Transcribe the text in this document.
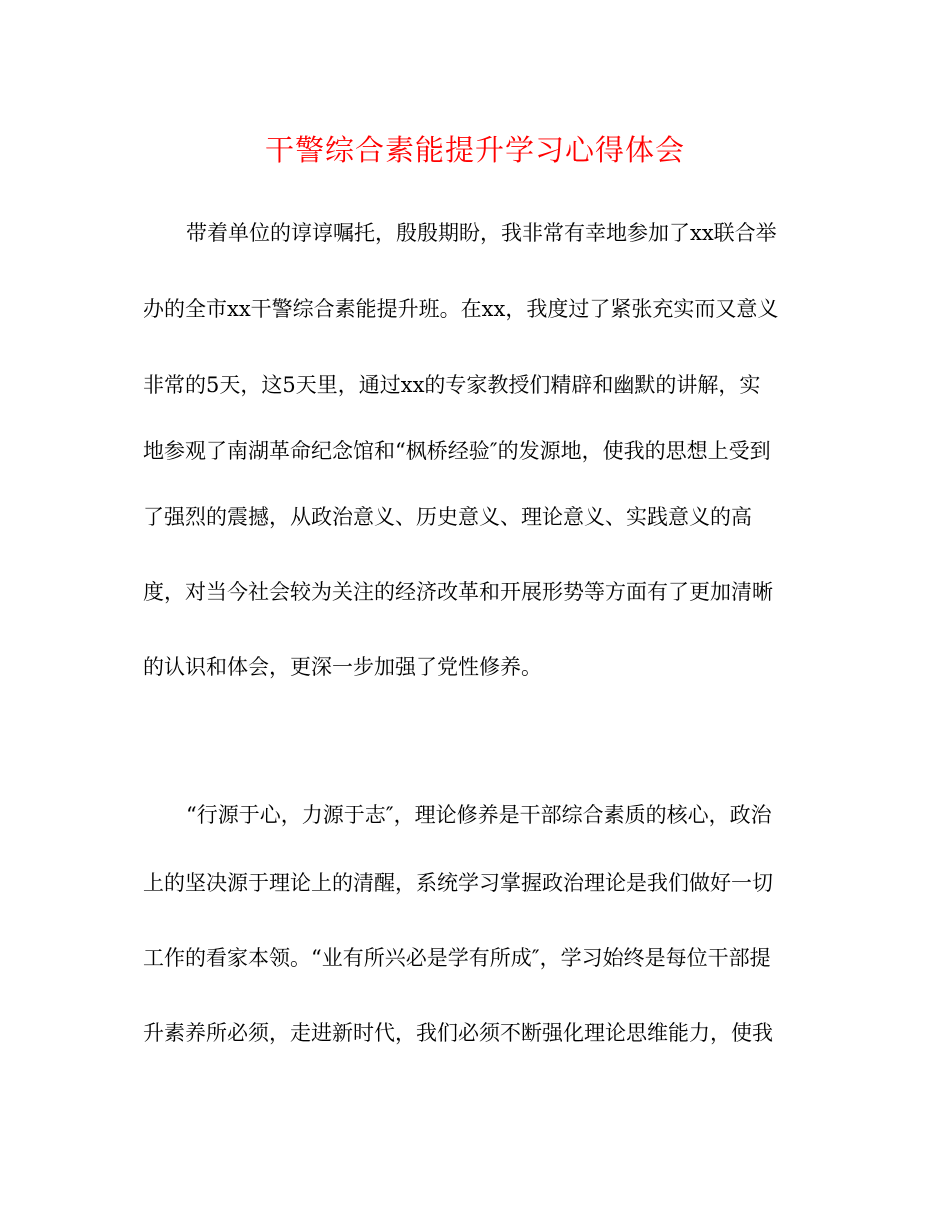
干警综合素能提升学习心得体会
带着单位的谆谆嘱托，殷殷期盼，我非常有幸地参加了xx联合举
办的全市xx干警综合素能提升班。在xx，我度过了紧张充实而又意义
非常的5天，这5天里，通过xx的专家教授们精辟和幽默的讲解，实
地参观了南湖革命纪念馆和“枫桥经验″的发源地，使我的思想上受到
了强烈的震撼，从政治意义、历史意义、理论意义、实践意义的高
度，对当今社会较为关注的经济改革和开展形势等方面有了更加清晰
的认识和体会，更深一步加强了党性修养。
“行源于心，力源于志″，理论修养是干部综合素质的核心，政治
上的坚决源于理论上的清醒，系统学习掌握政治理论是我们做好一切
工作的看家本领。“业有所兴必是学有所成″，学习始终是每位干部提
升素养所必须，走进新时代，我们必须不断强化理论思维能力，使我
